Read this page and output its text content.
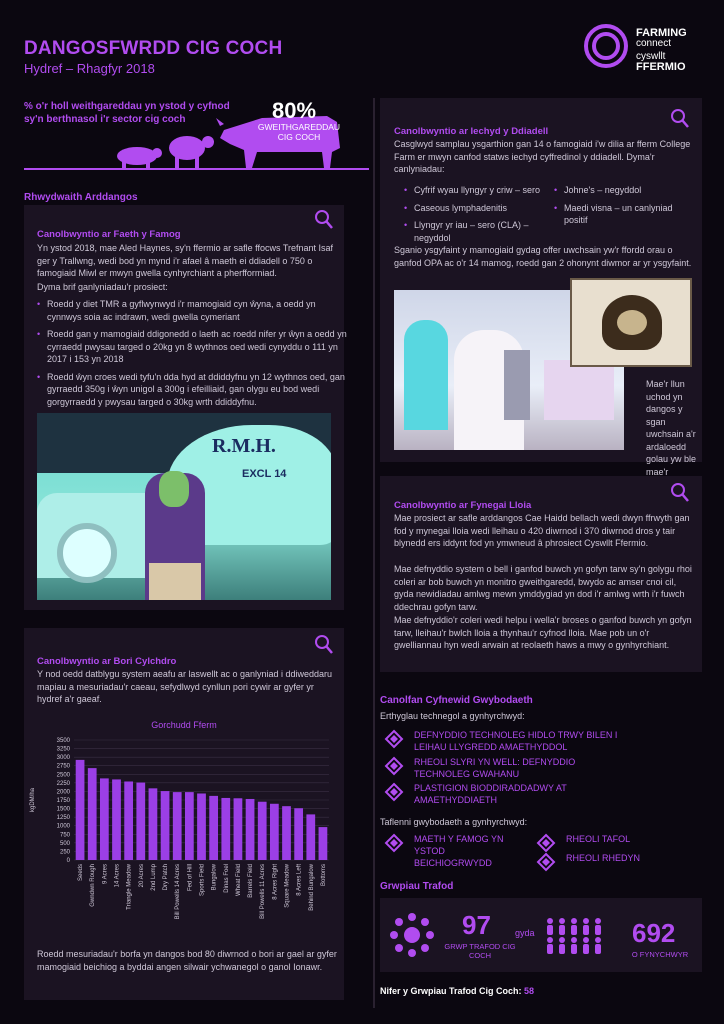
DANGOSFWRDD CIG COCH
Hydref – Rhagfyr 2018
FARMING
connect
cyswllt
FFERMIO
% o'r holl weithgareddau yn ystod y cyfnod sy'n berthnasol i'r sector cig coch	80%
GWEITHGAREDDAU CIG COCH
Rhwydwaith Arddangos
Canolbwyntio ar Faeth y Famog
Yn ystod 2018, mae Aled Haynes, sy'n ffermio ar safle ffocws Trefnant Isaf ger y Trallwng, wedi bod yn mynd i'r afael â maeth ei ddiadell o 750 o famogiaid Miwl er mwyn gwella cynhyrchiant a pherfformiad.
Dyma brif ganlyniadau'r prosiect:
• Roedd y diet TMR a gyflwynwyd i'r mamogiaid cyn ŵyna, a oedd yn cynnwys soia ac indrawn, wedi gwella cymeriant
• Roedd gan y mamogiaid ddigonedd o laeth ac roedd nifer yr ŵyn a oedd yn cyrraedd pwysau targed o 20kg yn 8 wythnos oed wedi cynyddu o 111 yn 2017 i 153 yn 2018
• Roedd ŵyn croes wedi tyfu'n dda hyd at ddiddyfnu yn 12 wythnos oed, gan gyrraedd 350g i ŵyn unigol a 300g i efeilliaid, gan olygu eu bod wedi gorgyrraedd y pwysau targed o 30kg wrth ddiddyfnu.
R.M.H.
EXCL 14
Canolbwyntio ar Bori Cylchdro
Y nod oedd datblygu system aeafu ar laswellt ac o ganlyniad i ddiweddaru mapiau a mesuriadau'r caeau, sefydlwyd cynllun pori cywir ar gyfer yr hydref a'r gaeaf.
Gorchudd Fferm
kgDM/ha
0
250
500
750
1000
1250
1500
1750
2000
2250
2500
2750
3000
3250
3500
Seeds Gwndwn Rough 9 Acres 14 Acres Triangle Meadow 20 Acres 2nd Lump Dry Patch Bill Powells 14 Acres Fed of Hill Sports Field Bungalow Dinas Foel Wheat Field Barrels Field Bill Powells 11 Acres 8 Acres Right Square Meadow 8 Acres Left Behind Bungalow Bottoms
Roedd mesuriadau'r borfa yn dangos bod 80 diwrnod o bori ar gael ar gyfer mamogiaid beichiog a byddai angen silwair ychwanegol o ganol Ionawr.
Canolbwyntio ar Iechyd y Ddiadell
Casglwyd samplau ysgarthion gan 14 o famogiaid i'w dilia ar fferm College Farm er mwyn canfod statws iechyd cyffredinol y ddiadell. Dyma'r canlyniadau:
• Cyfrif wyau llyngyr y criw – sero
• Caseous lymphadenitis
• Llyngyr yr iau – sero (CLA) – negyddol
• Johne's – negyddol
• Maedi visna – un canlyniad positif
Sganio ysgyfaint y mamogiaid gydag offer uwchsain yw'r ffordd orau o ganfod OPA ac o'r 14 mamog, roedd gan 2 ohonynt diwmor ar yr ysgyfaint.
Mae'r llun uchod yn dangos y sgan uwchsain a'r ardaloedd golau yw ble mae'r
Canolbwyntio ar Fynegai Lloia
Mae prosiect ar safle arddangos Cae Haidd bellach wedi dwyn ffrwyth gan fod y mynegai lloia wedi lleihau o 420 diwrnod i 370 diwrnod dros y tair blynedd ers iddynt fod yn ymwneud â phrosiect Cyswllt Ffermio.
Mae defnyddio system o bell i ganfod buwch yn gofyn tarw sy'n golygu rhoi coleri ar bob buwch yn monitro gweithgaredd, bwydo ac amser cnoi cil, gyda newidiadau amlwg mewn ymddygiad yn dod i'r amlwg wrth i'r fuwch ddechrau gofyn tarw.
Mae defnyddio'r coleri wedi helpu i wella'r broses o ganfod buwch yn gofyn tarw, lleihau'r bwlch lloia a thynhau'r cyfnod lloia. Mae pob un o'r gwelliannau hyn wedi arwain at reolaeth haws a mwy o gynhyrchiant.
Canolfan Cyfnewid Gwybodaeth
Erthyglau technegol a gynhyrchwyd:
DEFNYDDIO TECHNOLEG HIDLO TRWY BILEN I LEIHAU LLYGREDD AMAETHYDDOL
RHEOLI SLYRI YN WELL: DEFNYDDIO TECHNOLEG GWAHANU
PLASTIGION BIODDIRADDADWY AT AMAETHYDDIAETH
Taflenni gwybodaeth a gynhyrchwyd:
MAETH Y FAMOG YN YSTOD BEICHIOGRWYDD
RHEOLI TAFOL
RHEOLI RHEDYN
Grwpiau Trafod
97
GRWP TRAFOD CIG COCH
gyda	692
O FYNYCHWYR
Nifer y Grwpiau Trafod Cig Coch: 58
